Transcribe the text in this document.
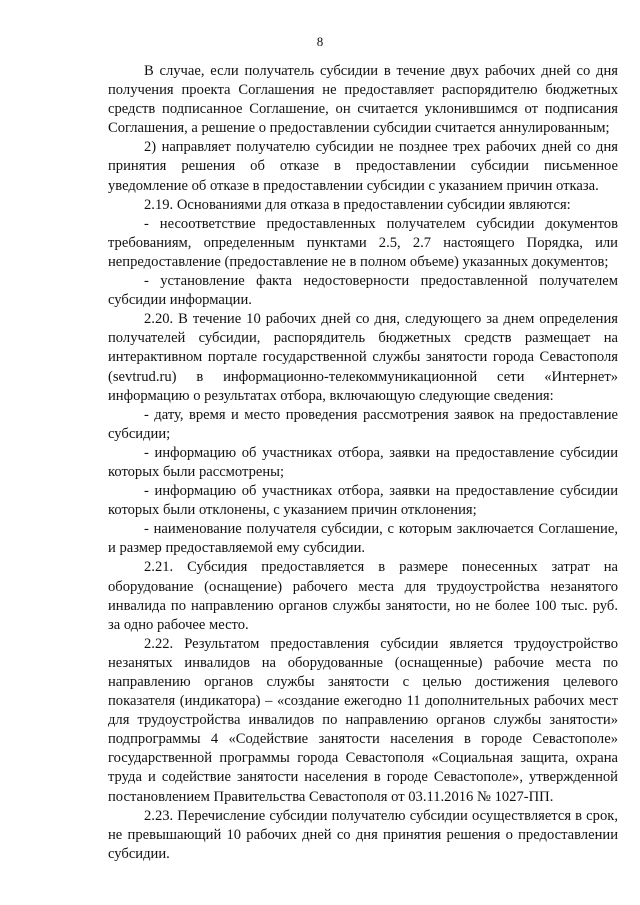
8

В случае, если получатель субсидии в течение двух рабочих дней со дня получения проекта Соглашения не предоставляет распорядителю бюджетных средств подписанное Соглашение, он считается уклонившимся от подписания Соглашения, а решение о предоставлении субсидии считается аннулированным;

2) направляет получателю субсидии не позднее трех рабочих дней со дня принятия решения об отказе в предоставлении субсидии письменное уведомление об отказе в предоставлении субсидии с указанием причин отказа.

2.19. Основаниями для отказа в предоставлении субсидии являются:

- несоответствие предоставленных получателем субсидии документов требованиям, определенным пунктами 2.5, 2.7 настоящего Порядка, или непредоставление (предоставление не в полном объеме) указанных документов;

- установление факта недостоверности предоставленной получателем субсидии информации.

2.20. В течение 10 рабочих дней со дня, следующего за днем определения получателей субсидии, распорядитель бюджетных средств размещает на интерактивном портале государственной службы занятости города Севастополя (sevtrud.ru) в информационно-телекоммуникационной сети «Интернет» информацию о результатах отбора, включающую следующие сведения:

- дату, время и место проведения рассмотрения заявок на предоставление субсидии;

- информацию об участниках отбора, заявки на предоставление субсидии которых были рассмотрены;

- информацию об участниках отбора, заявки на предоставление субсидии которых были отклонены, с указанием причин отклонения;

- наименование получателя субсидии, с которым заключается Соглашение, и размер предоставляемой ему субсидии.

2.21. Субсидия предоставляется в размере понесенных затрат на оборудование (оснащение) рабочего места для трудоустройства незанятого инвалида по направлению органов службы занятости, но не более 100 тыс. руб. за одно рабочее место.

2.22. Результатом предоставления субсидии является трудоустройство незанятых инвалидов на оборудованные (оснащенные) рабочие места по направлению органов службы занятости с целью достижения целевого показателя (индикатора) – «создание ежегодно 11 дополнительных рабочих мест для трудоустройства инвалидов по направлению органов службы занятости» подпрограммы 4 «Содействие занятости населения в городе Севастополе» государственной программы города Севастополя «Социальная защита, охрана труда и содействие занятости населения в городе Севастополе», утвержденной постановлением Правительства Севастополя от 03.11.2016 № 1027-ПП.

2.23. Перечисление субсидии получателю субсидии осуществляется в срок, не превышающий 10 рабочих дней со дня принятия решения о предоставлении субсидии.
